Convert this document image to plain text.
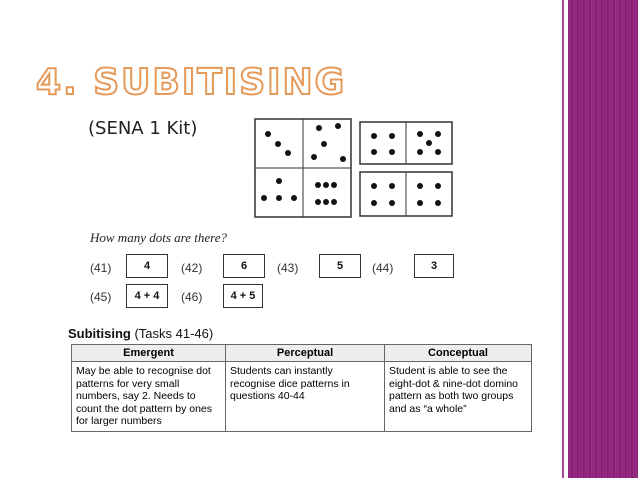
4. SUBITISING
(SENA 1 Kit)
How many dots are there?
(41)	4	(42)	6	(43)	5	(44)	3
(45)	4 + 4	(46)	4 + 5
Subitising (Tasks 41-46)
Emergent	Perceptual	Conceptual
May be able to recognise dot patterns for very small numbers, say 2. Needs to count the dot pattern by ones for larger numbers	Students can instantly recognise dice patterns in questions 40-44	Student is able to see the eight-dot & nine-dot domino pattern as both two groups and as “a whole”
